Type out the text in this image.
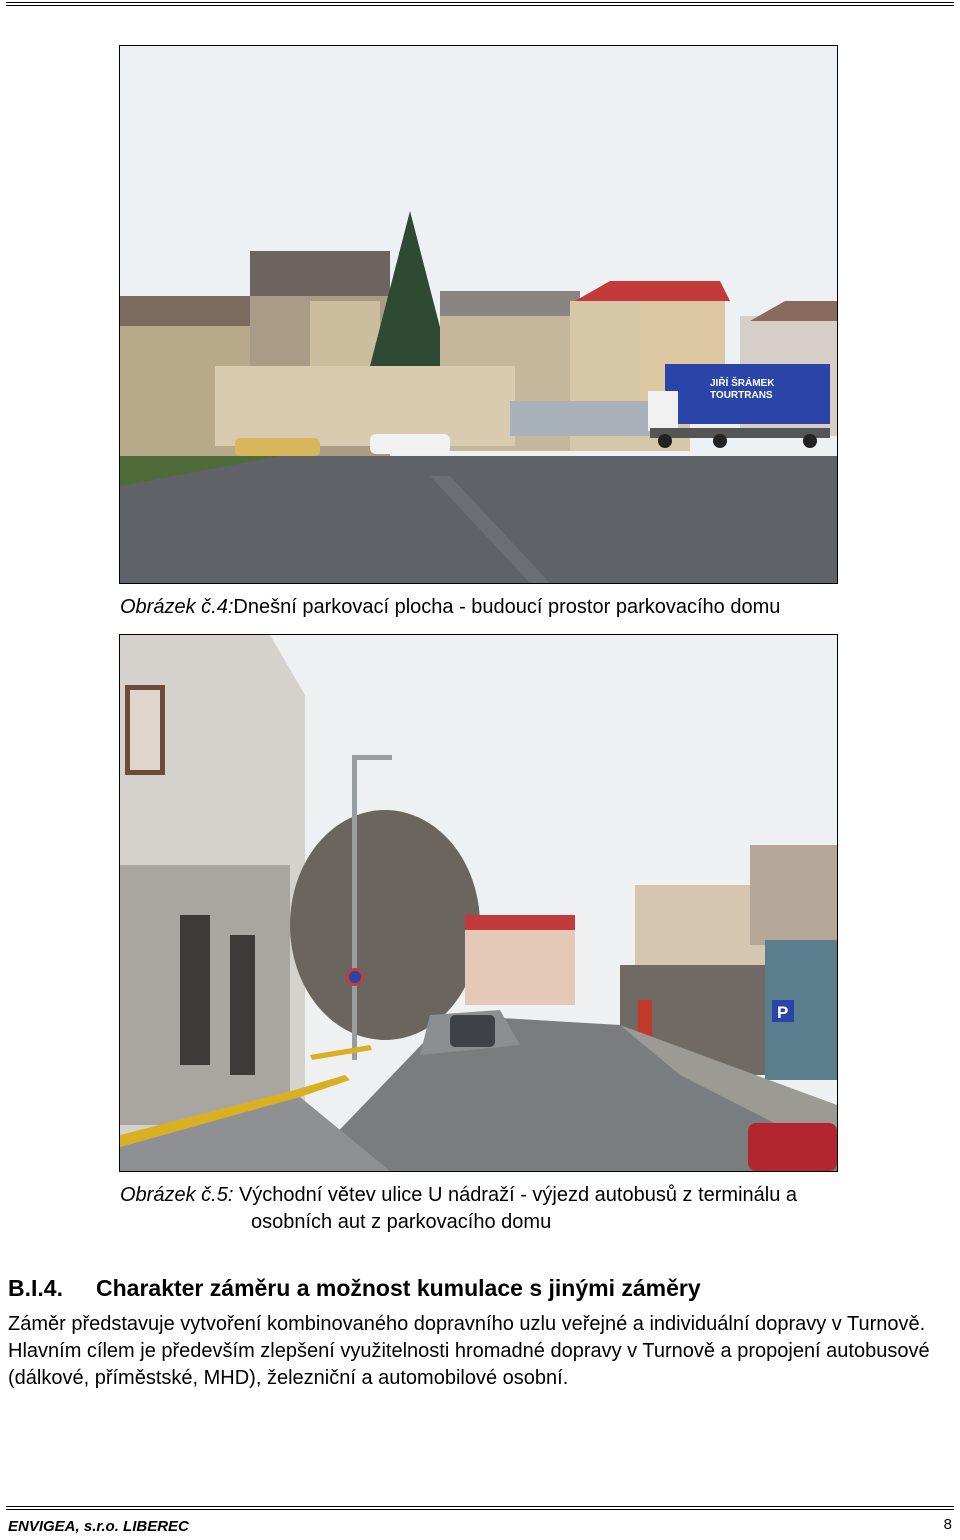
JIŘÍ ŠRÁMEK
TOURTRANS
Obrázek č.4:Dnešní parkovací plocha - budoucí prostor parkovacího domu
P
Obrázek č.5: Východní větev ulice U nádraží - výjezd autobusů z terminálu a
osobních aut z parkovacího domu
B.I.4. Charakter záměru a možnost kumulace s jinými záměry
Záměr představuje vytvoření kombinovaného dopravního uzlu veřejné a individuální dopravy v Turnově. Hlavním cílem je především zlepšení využitelnosti hromadné dopravy v Turnově a propojení autobusové (dálkové, příměstské, MHD), železniční a automobilové osobní.
ENVIGEA, s.r.o. LIBEREC	8
